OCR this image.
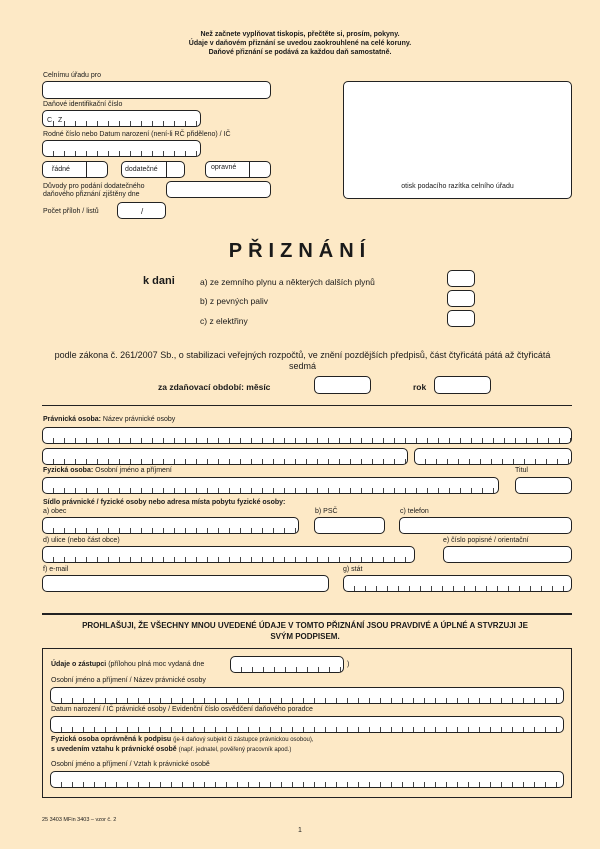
Než začnete vyplňovat tiskopis, přečtěte si, prosím, pokyny.
Údaje v daňovém přiznání se uvedou zaokrouhlené na celé koruny.
Daňové přiznání se podává za každou daň samostatně.
Celnímu úřadu pro
Daňové identifikační číslo
C Z
Rodné číslo nebo Datum narození (není-li RČ přiděleno) / IČ
řádné	dodatečné	opravné
Důvody pro podání dodatečného
daňového přiznání zjištěny dne
Počet příloh / listů	/
otisk podacího razítka celního úřadu
PŘIZNÁNÍ
k dani	a) ze zemního plynu a některých dalších plynů
b) z pevných paliv
c) z elektřiny
podle zákona č. 261/2007 Sb., o stabilizaci veřejných rozpočtů, ve znění pozdějších předpisů, část čtyřicátá pátá až čtyřicátá sedmá
za zdaňovací období: měsíc	rok
Právnická osoba: Název právnické osoby
Fyzická osoba: Osobní jméno a příjmení	Titul
Sídlo právnické / fyzické osoby nebo adresa místa pobytu fyzické osoby:
a) obec	b) PSČ	c) telefon
d) ulice (nebo část obce)	e) číslo popisné / orientační
f) e-mail	g) stát
PROHLAŠUJI, ŽE VŠECHNY MNOU UVEDENÉ ÚDAJE V TOMTO PŘIZNÁNÍ JSOU PRAVDIVÉ A ÚPLNÉ A STVRZUJI JE SVÝM PODPISEM.
Údaje o zástupci (přílohou plná moc vydaná dne	)
Osobní jméno a příjmení / Název právnické osoby
Datum narození / IČ právnické osoby / Evidenční číslo osvědčení daňového poradce
Fyzická osoba oprávněná k podpisu (je-li daňový subjekt či zástupce právnickou osobou),
s uvedením vztahu k právnické osobě (např. jednatel, pověřený pracovník apod.)
Osobní jméno a příjmení / Vztah k právnické osobě
25 3403 MFin 3403 – vzor č. 2
1
